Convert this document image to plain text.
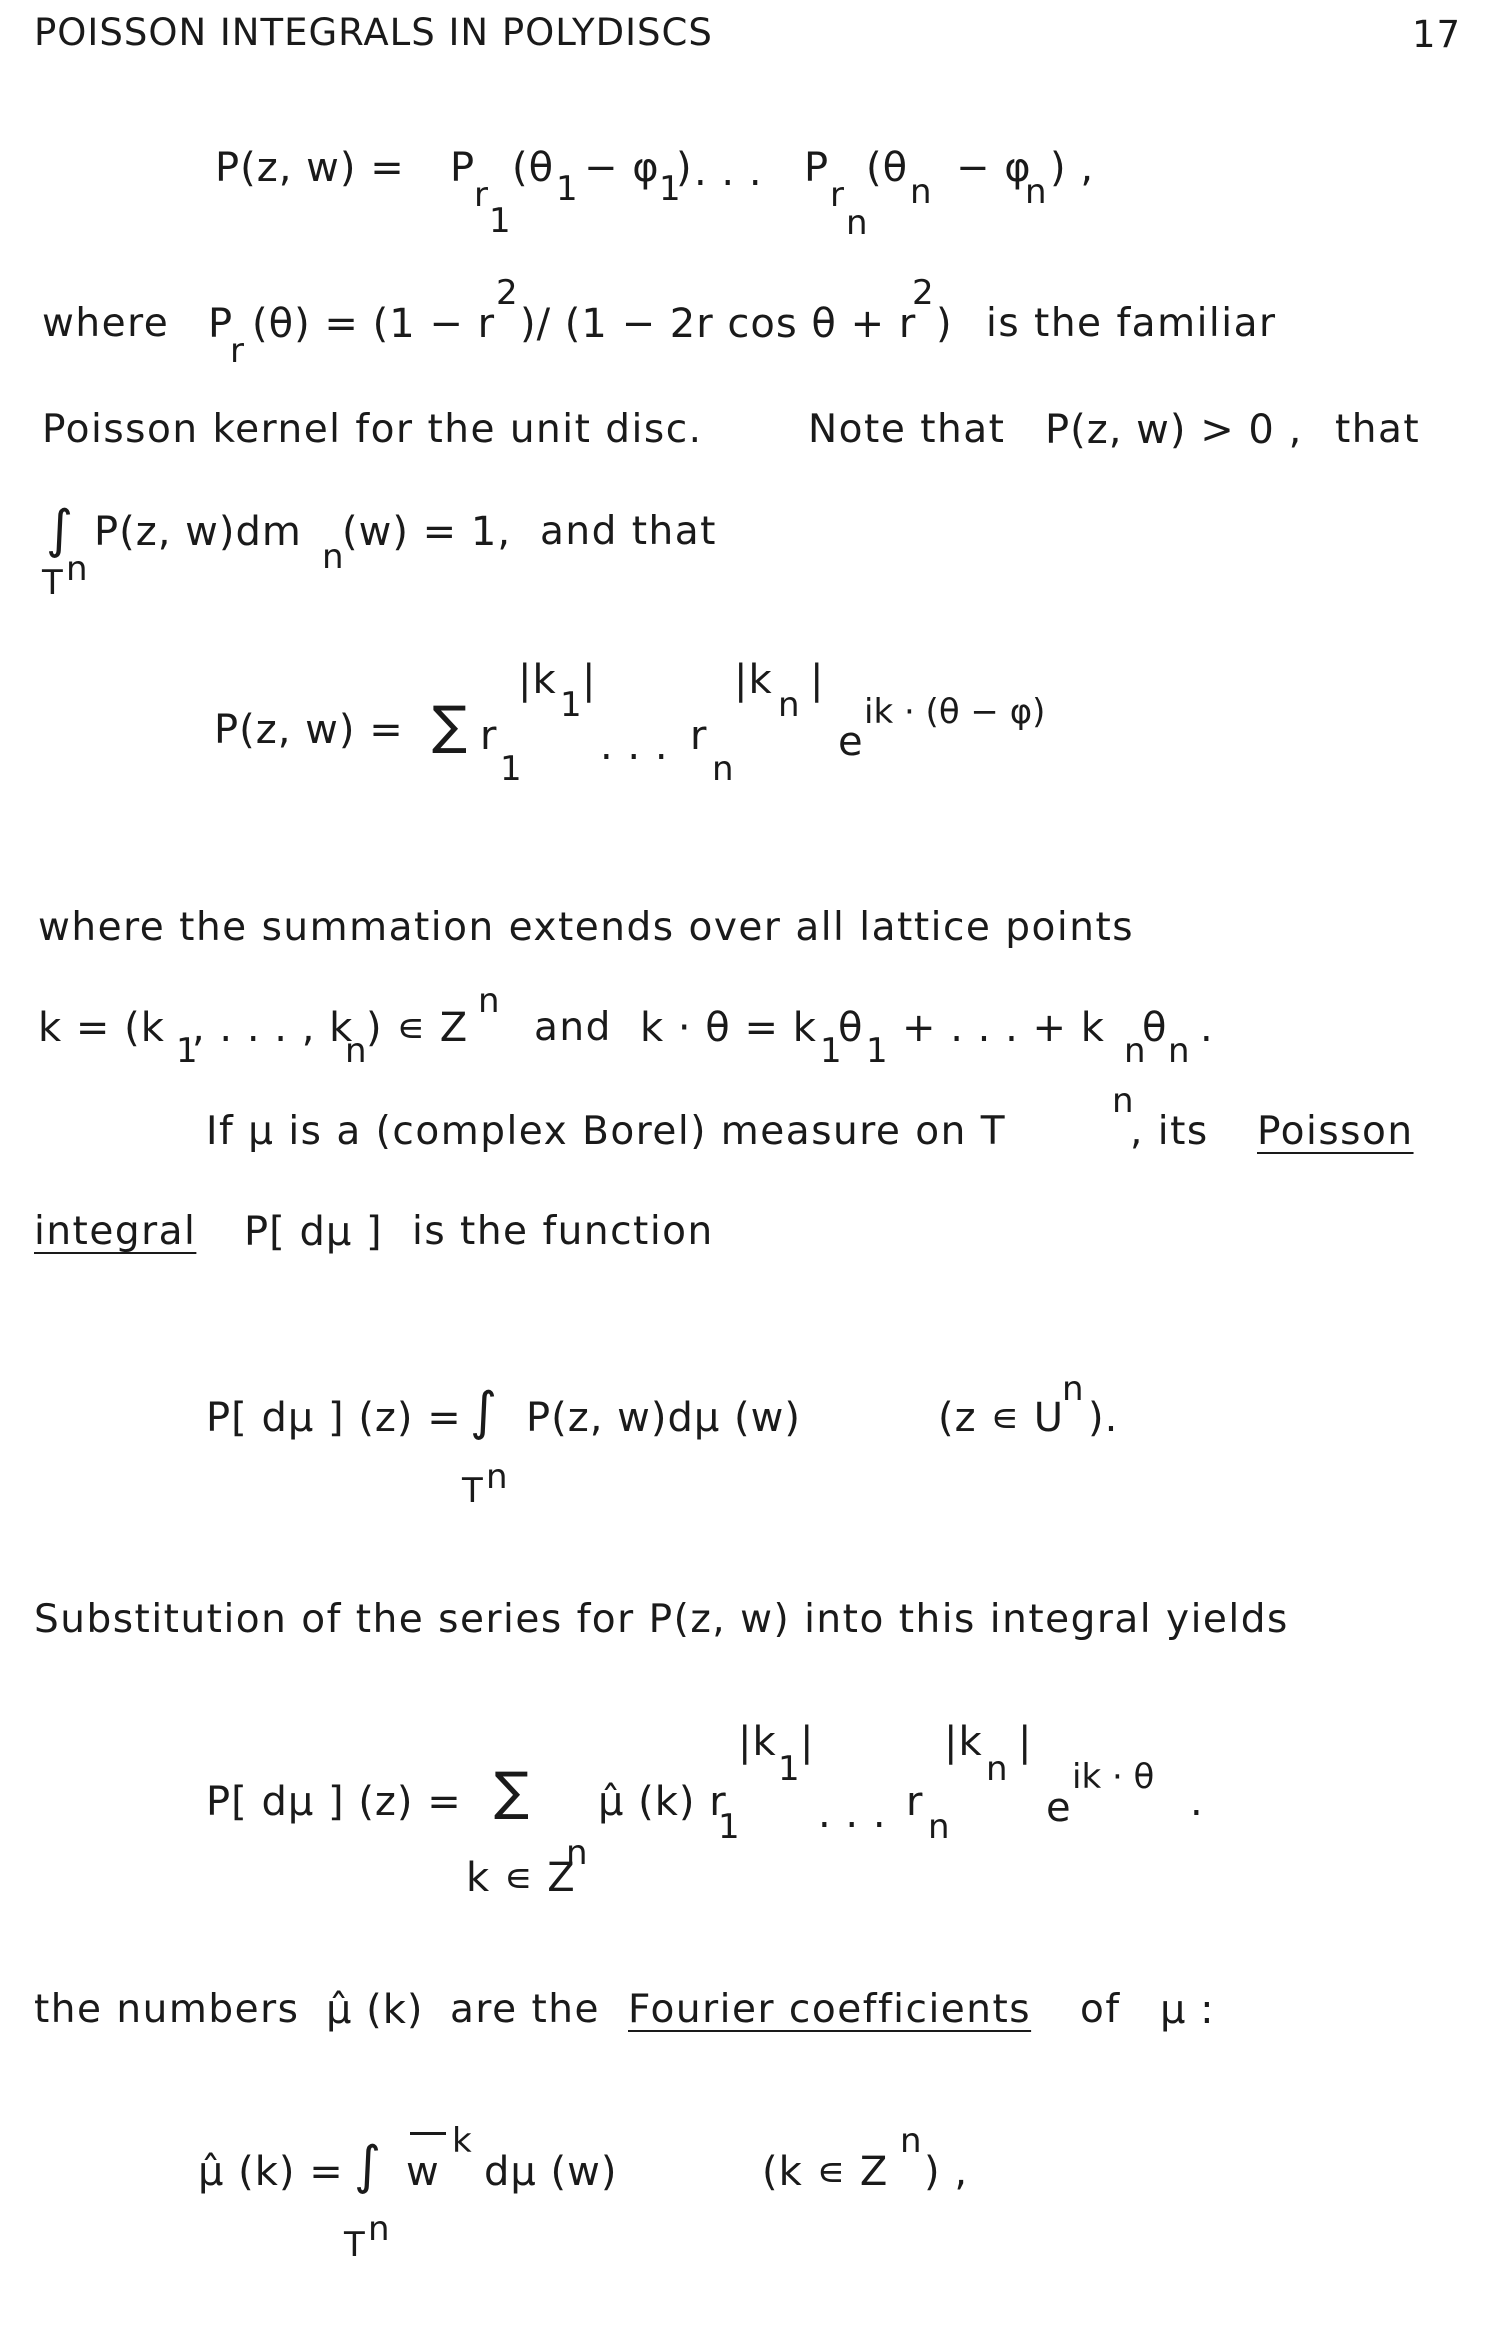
POISSON INTEGRALS IN POLYDISCS	17
P(z, w) = P
r
1
(θ 1 − φ 1
) . . . P
r
n
(θ
n
− φ
n
) ,
where P
r
(θ) = (1 − r
2
)/ (1 − 2r cos θ + r
2
) is the familiar
Poisson kernel for the unit disc.	Note that P(z, w) > 0 , that
∫ P(z, w)dm
n
(w) = 1, and that
T n
P(z, w) = ∑ r
1
|k
1
|
. . . r
n
|k
n
|
e
ik · (θ − φ)
where the summation extends over all lattice points
k = (k 1
, . . . , k
n ) ∊ Z
n
and k · θ = k 1
θ 1 + . . . + k n
θ n .
If μ is a (complex Borel) measure on T
n
, its Poisson
integral P[ dμ ] is the function
P[ dμ ] (z) = ∫ P(z, w)dμ (w)	(z ∊ U
n
).
T n
Substitution of the series for P(z, w) into this integral yields
P[ dμ ] (z) = ∑
k ∊ Z
n
μ̂ (k) r
1
|k
1
|
. . . r
n
|k
n
|
e
ik · θ
.
the numbers μ̂ (k) are the Fourier coefficients of μ :
μ̂ (k) = ∫ w
k
dμ (w)	(k ∊ Z
n
) ,
T n
